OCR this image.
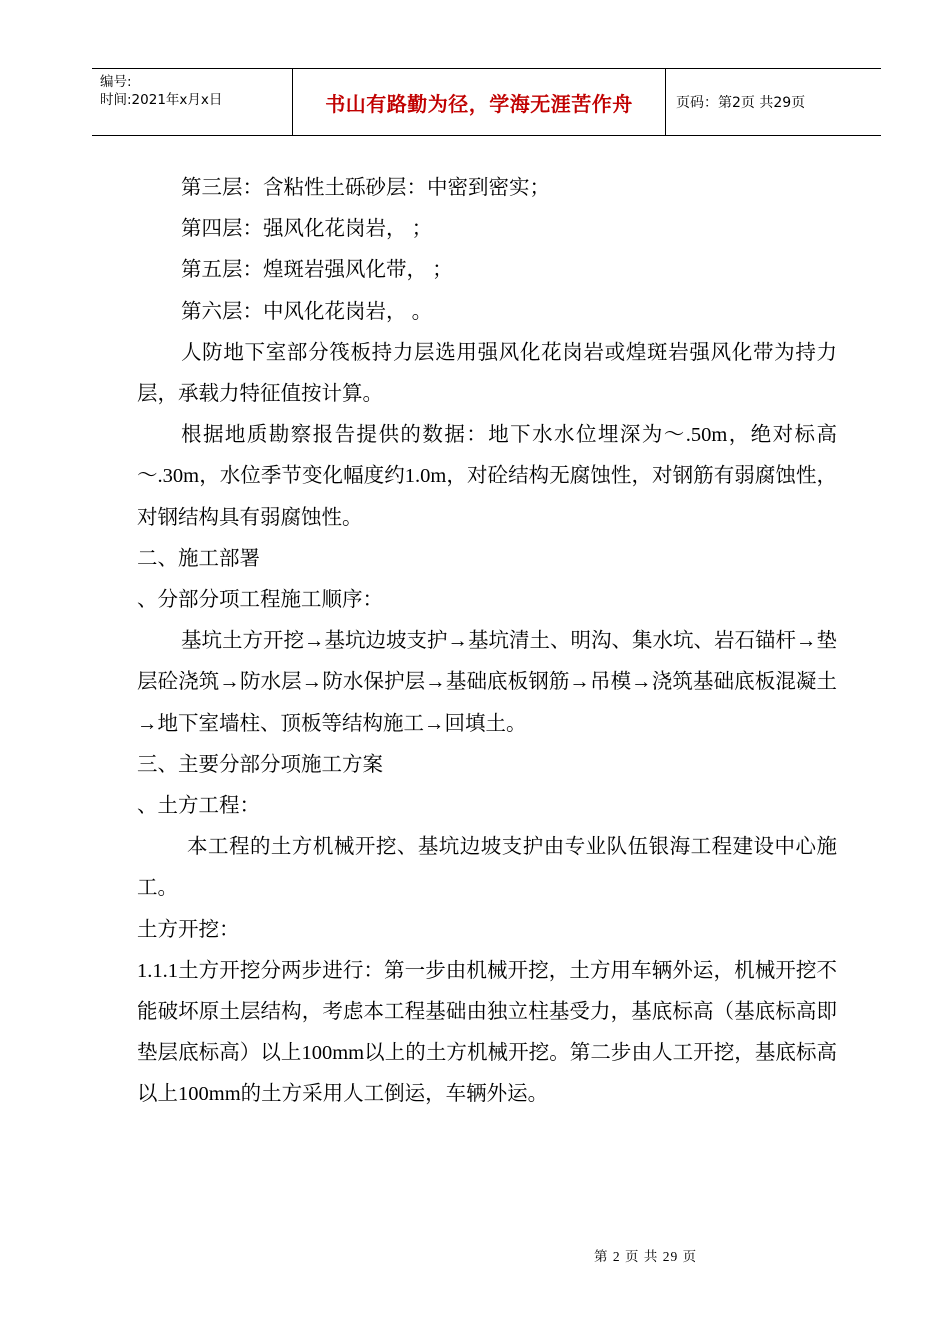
编号:
时间:2021年x月x日	书山有路勤为径，学海无涯苦作舟	页码：第2页 共29页

第三层：含粘性土砾砂层：中密到密实；

第四层：强风化花岗岩， ；

第五层：煌斑岩强风化带， ；

第六层：中风化花岗岩， 。

人防地下室部分筏板持力层选用强风化花岗岩或煌斑岩强风化带为持力层，承载力特征值按计算。

根据地质勘察报告提供的数据：地下水水位埋深为～.50m，绝对标高～.30m，水位季节变化幅度约1.0m，对砼结构无腐蚀性，对钢筋有弱腐蚀性，对钢结构具有弱腐蚀性。

二、施工部署

、分部分项工程施工顺序：

基坑土方开挖→基坑边坡支护→基坑清土、明沟、集水坑、岩石锚杆→垫层砼浇筑→防水层→防水保护层→基础底板钢筋→吊模→浇筑基础底板混凝土→地下室墙柱、顶板等结构施工→回填土。

三、主要分部分项施工方案

、土方工程：

本工程的土方机械开挖、基坑边坡支护由专业队伍银海工程建设中心施工。

土方开挖：

1.1.1土方开挖分两步进行：第一步由机械开挖，土方用车辆外运，机械开挖不能破坏原土层结构，考虑本工程基础由独立柱基受力，基底标高（基底标高即垫层底标高）以上100mm以上的土方机械开挖。第二步由人工开挖，基底标高以上100mm的土方采用人工倒运，车辆外运。

第 2 页 共 29 页
